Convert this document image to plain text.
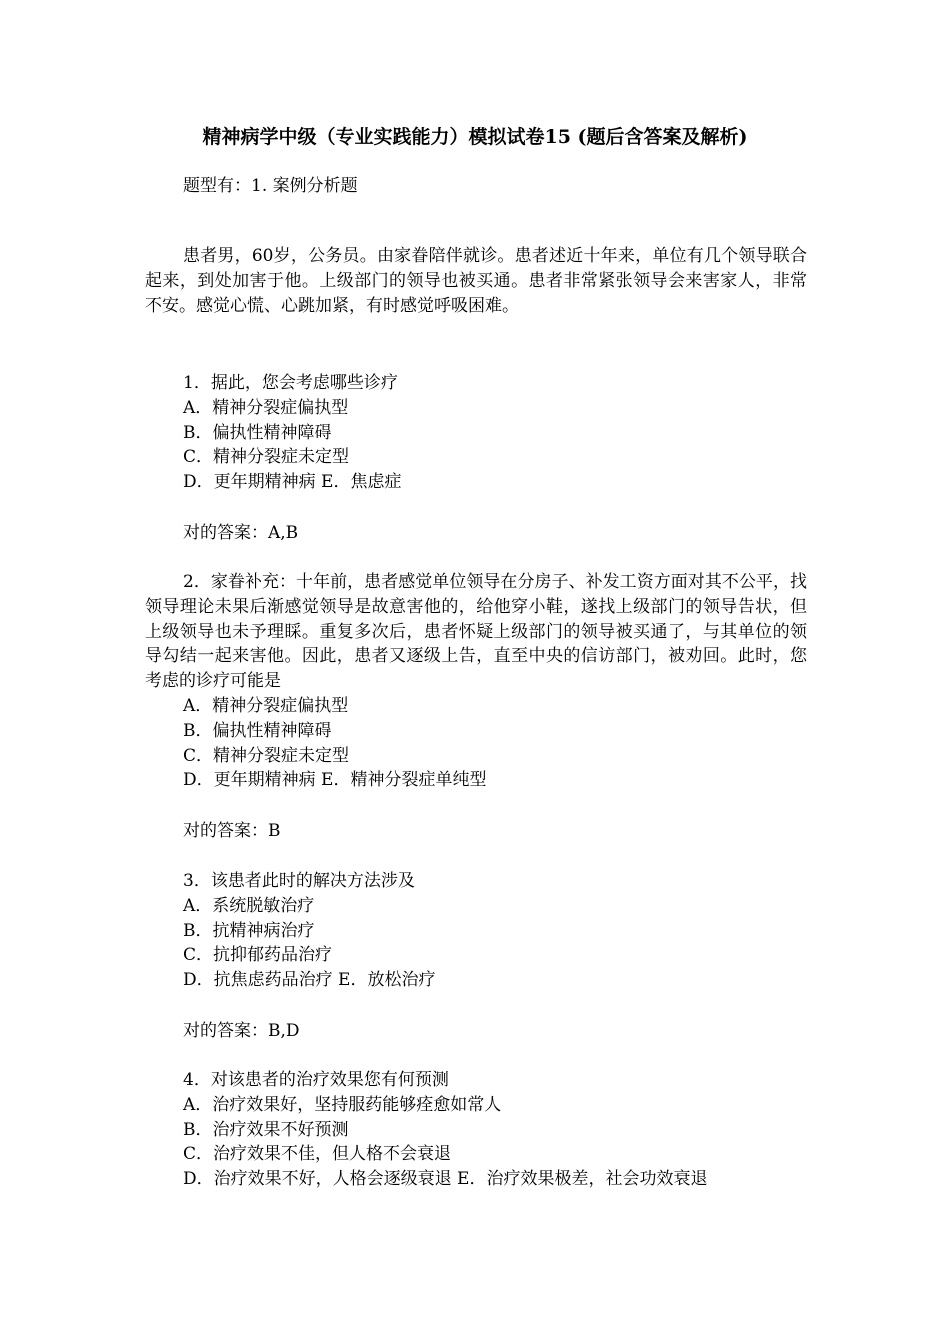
精神病学中级（专业实践能力）模拟试卷15 (题后含答案及解析)
题型有：1. 案例分析题
患者男，60岁，公务员。由家眷陪伴就诊。患者述近十年来，单位有几个领导联合起来，到处加害于他。上级部门的领导也被买通。患者非常紧张领导会来害家人，非常不安。感觉心慌、心跳加紧，有时感觉呼吸困难。
1．据此，您会考虑哪些诊疗
A．精神分裂症偏执型
B．偏执性精神障碍
C．精神分裂症未定型
D．更年期精神病 E．焦虑症
对的答案：A,B
2．家眷补充：十年前，患者感觉单位领导在分房子、补发工资方面对其不公平，找领导理论未果后渐感觉领导是故意害他的，给他穿小鞋，遂找上级部门的领导告状，但上级领导也未予理睬。重复多次后，患者怀疑上级部门的领导被买通了，与其单位的领导勾结一起来害他。因此，患者又逐级上告，直至中央的信访部门，被劝回。此时，您考虑的诊疗可能是
A．精神分裂症偏执型
B．偏执性精神障碍
C．精神分裂症未定型
D．更年期精神病 E．精神分裂症单纯型
对的答案：B
3．该患者此时的解决方法涉及
A．系统脱敏治疗
B．抗精神病治疗
C．抗抑郁药品治疗
D．抗焦虑药品治疗 E．放松治疗
对的答案：B,D
4．对该患者的治疗效果您有何预测
A．治疗效果好，坚持服药能够痊愈如常人
B．治疗效果不好预测
C．治疗效果不佳，但人格不会衰退
D．治疗效果不好，人格会逐级衰退 E．治疗效果极差，社会功效衰退
